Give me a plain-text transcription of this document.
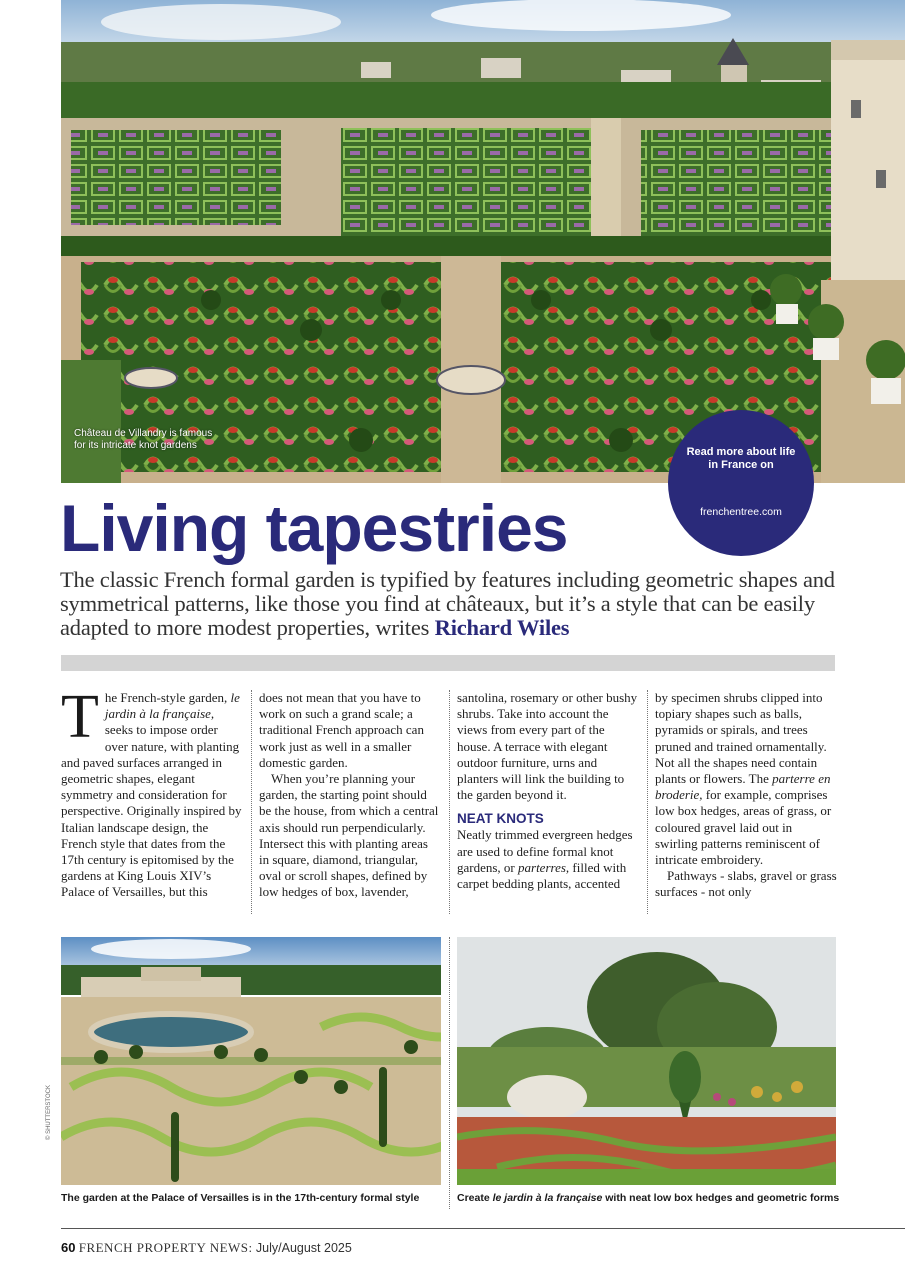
Château de Villandry is famous for its intricate knot gardens
Read more about life in France on
frenchentree.com
Living tapestries
The classic French formal garden is typified by features including geometric shapes and symmetrical patterns, like those you find at châteaux, but it’s a style that can be easily adapted to more modest properties, writes Richard Wiles

T he French-style garden, le jardin à la française, seeks to impose order over nature, with planting and paved surfaces arranged in geometric shapes, elegant symmetry and consideration for perspective. Originally inspired by Italian landscape design, the French style that dates from the 17th century is epitomised by the gardens at King Louis XIV’s Palace of Versailles, but this

does not mean that you have to work on such a grand scale; a traditional French approach can work just as well in a smaller domestic garden.

When you’re planning your garden, the starting point should be the house, from which a central axis should run perpendicularly. Intersect this with planting areas in square, diamond, triangular, oval or scroll shapes, defined by low hedges of box, lavender,

santolina, rosemary or other bushy shrubs. Take into account the views from every part of the house. A terrace with elegant outdoor furniture, urns and planters will link the building to the garden beyond it.

NEAT KNOTS

Neatly trimmed evergreen hedges are used to define formal knot gardens, or parterres, filled with carpet bedding plants, accented

by specimen shrubs clipped into topiary shapes such as balls, pyramids or spirals, and trees pruned and trained ornamentally. Not all the shapes need contain plants or flowers. The parterre en broderie, for example, comprises low box hedges, areas of grass, or coloured gravel laid out in swirling patterns reminiscent of intricate embroidery.

Pathways - slabs, gravel or grass surfaces - not only

© SHUTTERSTOCK
The garden at the Palace of Versailles is in the 17th-century formal style	Create le jardin à la française with neat low box hedges and geometric forms
60 FRENCH PROPERTY NEWS: July/August 2025
